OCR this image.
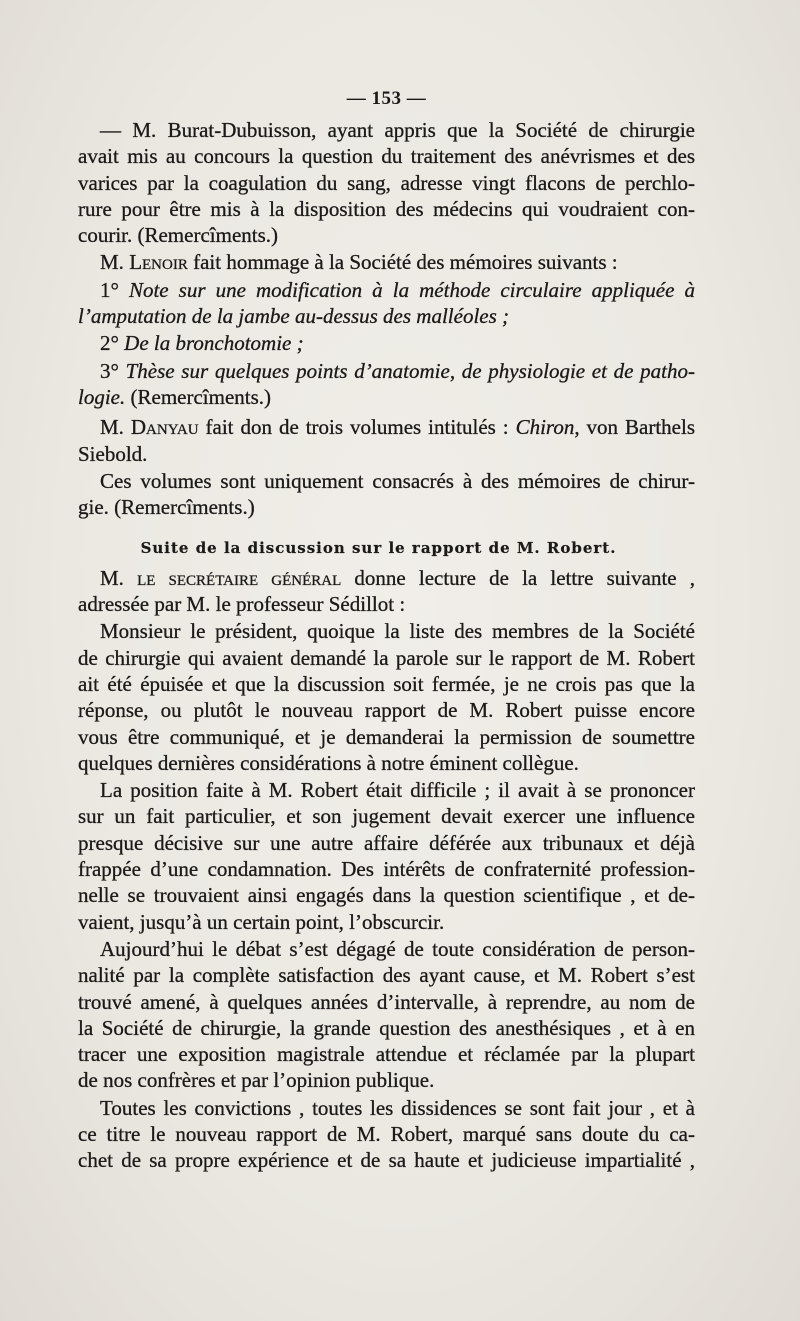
— 153 —
— M. Burat-Dubuisson, ayant appris que la Société de chirurgie
avait mis au concours la question du traitement des anévrismes et des
varices par la coagulation du sang, adresse vingt flacons de perchlo-
rure pour être mis à la disposition des médecins qui voudraient con-
courir. (Remercîments.)
M. Lenoir fait hommage à la Société des mémoires suivants :
1° Note sur une modification à la méthode circulaire appliquée à
l’amputation de la jambe au-dessus des malléoles ;
2° De la bronchotomie ;
3° Thèse sur quelques points d’anatomie, de physiologie et de patho-
logie. (Remercîments.)
M. Danyau fait don de trois volumes intitulés : Chiron, von Barthels
Siebold.
Ces volumes sont uniquement consacrés à des mémoires de chirur-
gie. (Remercîments.)
Suite de la discussion sur le rapport de M. Robert.
M. le secrétaire général donne lecture de la lettre suivante ,
adressée par M. le professeur Sédillot :
Monsieur le président, quoique la liste des membres de la Société
de chirurgie qui avaient demandé la parole sur le rapport de M. Robert
ait été épuisée et que la discussion soit fermée, je ne crois pas que la
réponse, ou plutôt le nouveau rapport de M. Robert puisse encore
vous être communiqué, et je demanderai la permission de soumettre
quelques dernières considérations à notre éminent collègue.
La position faite à M. Robert était difficile ; il avait à se prononcer
sur un fait particulier, et son jugement devait exercer une influence
presque décisive sur une autre affaire déférée aux tribunaux et déjà
frappée d’une condamnation. Des intérêts de confraternité profession-
nelle se trouvaient ainsi engagés dans la question scientifique , et de-
vaient, jusqu’à un certain point, l’obscurcir.
Aujourd’hui le débat s’est dégagé de toute considération de person-
nalité par la complète satisfaction des ayant cause, et M. Robert s’est
trouvé amené, à quelques années d’intervalle, à reprendre, au nom de
la Société de chirurgie, la grande question des anesthésiques , et à en
tracer une exposition magistrale attendue et réclamée par la plupart
de nos confrères et par l’opinion publique.
Toutes les convictions , toutes les dissidences se sont fait jour , et à
ce titre le nouveau rapport de M. Robert, marqué sans doute du ca-
chet de sa propre expérience et de sa haute et judicieuse impartialité ,
